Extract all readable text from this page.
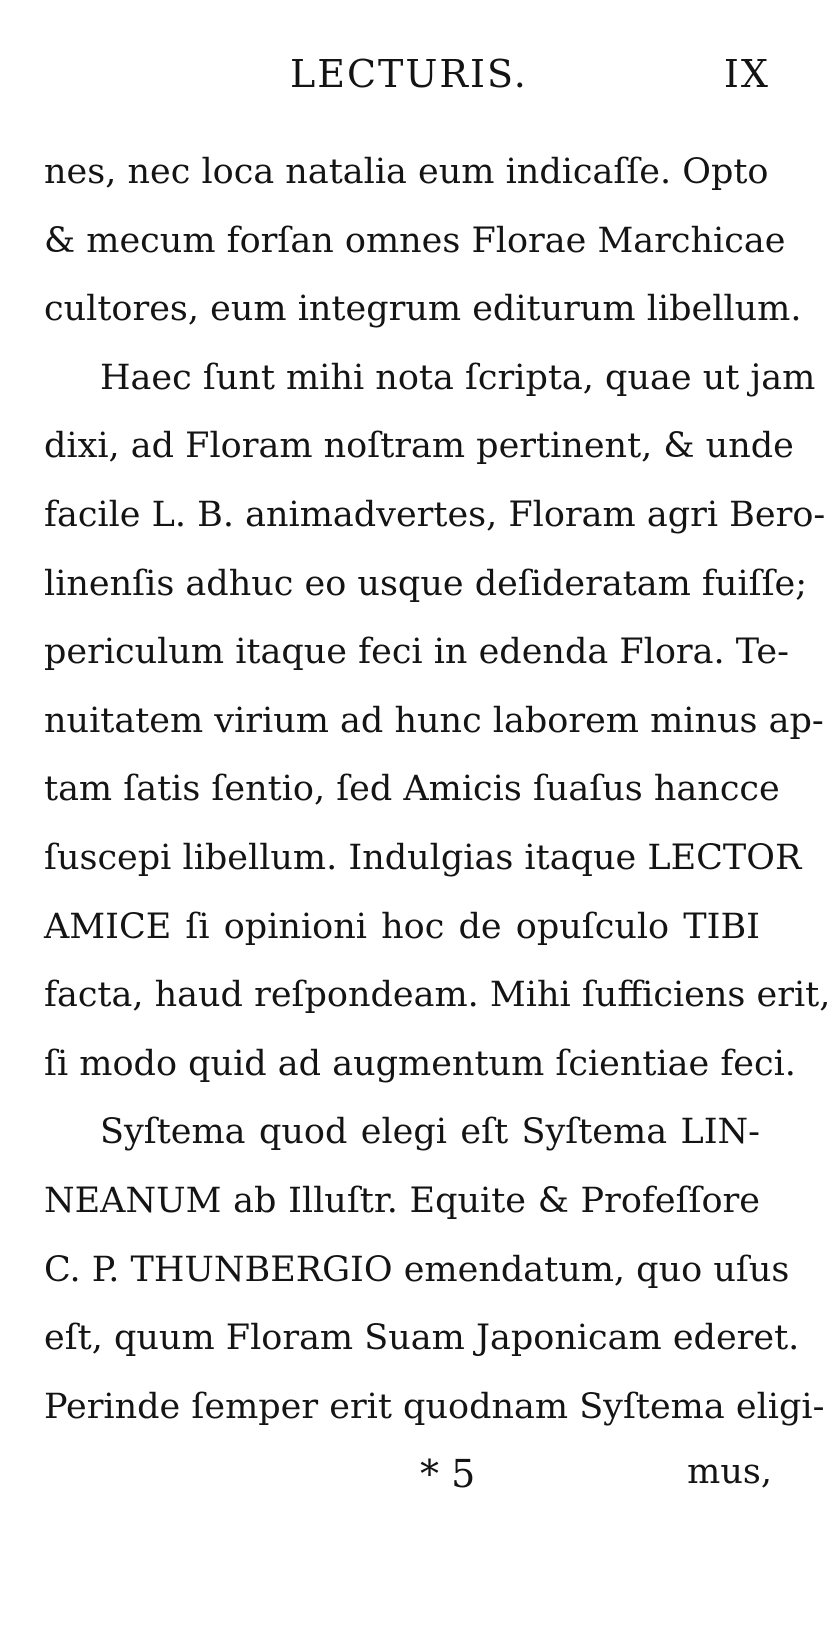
LECTURIS.	IX
nes, nec loca natalia eum indicaſſe. Opto
& mecum forſan omnes Florae Marchicae
cultores, eum integrum editurum libellum.
Haec ſunt mihi nota ſcripta, quae ut jam
dixi, ad Floram noſtram pertinent, & unde
facile L. B. animadvertes, Floram agri Bero-
linenſis adhuc eo usque deſideratam fuiſſe;
periculum itaque feci in edenda Flora. Te-
nuitatem virium ad hunc laborem minus ap-
tam ſatis ſentio, ſed Amicis ſuaſus hancce
ſuscepi libellum. Indulgias itaque LECTOR
AMICE ſi opinioni hoc de opuſculo TIBI
facta, haud reſpondeam. Mihi ſufficiens erit,
ſi modo quid ad augmentum ſcientiae feci.
Syſtema quod elegi eſt Syſtema LIN-
NEANUM ab Illuſtr. Equite & Profeſſore
C. P. THUNBERGIO emendatum, quo uſus
eſt, quum Floram Suam Japonicam ederet.
Perinde ſemper erit quodnam Syſtema eligi-
* 5	mus,
